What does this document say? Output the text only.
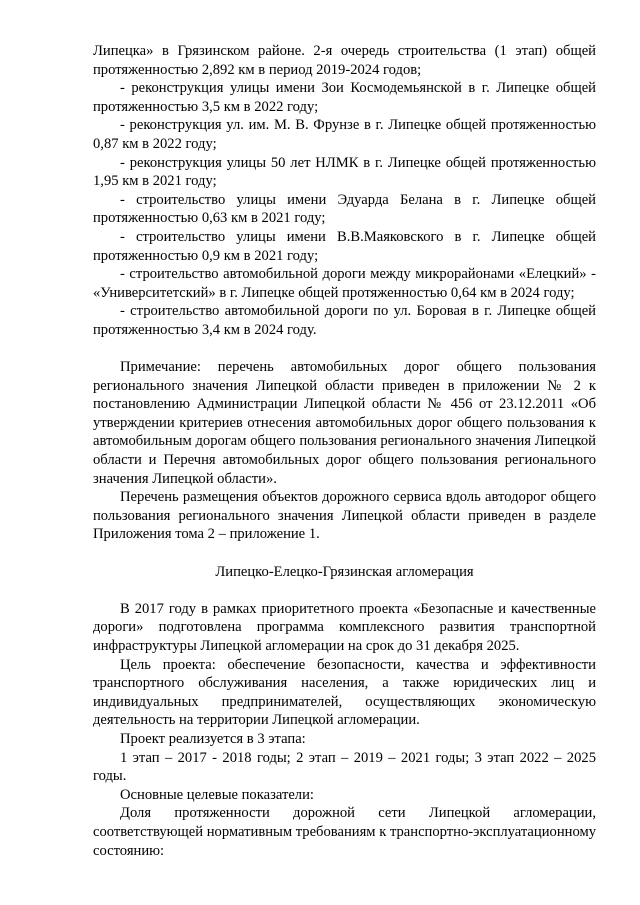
Липецка» в Грязинском районе. 2-я очередь строительства (1 этап) общей протяженностью 2,892 км в период 2019-2024 годов;

- реконструкция улицы имени Зои Космодемьянской в г. Липецке общей протяженностью 3,5 км в 2022 году;

- реконструкция ул. им. М. В. Фрунзе в г. Липецке общей протяженностью 0,87 км в 2022 году;

- реконструкция улицы 50 лет НЛМК в г. Липецке общей протяженностью 1,95 км в 2021 году;

- строительство улицы имени Эдуарда Белана в г. Липецке общей протяженностью 0,63 км в 2021 году;

- строительство улицы имени В.В.Маяковского в г. Липецке общей протяженностью 0,9 км в 2021 году;

- строительство автомобильной дороги между микрорайонами «Елецкий» - «Университетский» в г. Липецке общей протяженностью 0,64 км в 2024 году;

- строительство автомобильной дороги по ул. Боровая в г. Липецке общей протяженностью 3,4 км в 2024 году.

Примечание: перечень автомобильных дорог общего пользования регионального значения Липецкой области приведен в приложении № 2 к постановлению Администрации Липецкой области № 456 от 23.12.2011 «Об утверждении критериев отнесения автомобильных дорог общего пользования к автомобильным дорогам общего пользования регионального значения Липецкой области и Перечня автомобильных дорог общего пользования регионального значения Липецкой области».

Перечень размещения объектов дорожного сервиса вдоль автодорог общего пользования регионального значения Липецкой области приведен в разделе Приложения тома 2 – приложение 1.

Липецко-Елецко-Грязинская агломерация

В 2017 году в рамках приоритетного проекта «Безопасные и качественные дороги» подготовлена программа комплексного развития транспортной инфраструктуры Липецкой агломерации на срок до 31 декабря 2025.

Цель проекта: обеспечение безопасности, качества и эффективности транспортного обслуживания населения, а также юридических лиц и индивидуальных предпринимателей, осуществляющих экономическую деятельность на территории Липецкой агломерации.

Проект реализуется в 3 этапа:

1 этап – 2017 - 2018 годы; 2 этап – 2019 – 2021 годы; 3 этап 2022 – 2025 годы.

Основные целевые показатели:

Доля протяженности дорожной сети Липецкой агломерации, соответствующей нормативным требованиям к транспортно-эксплуатационному состоянию:
